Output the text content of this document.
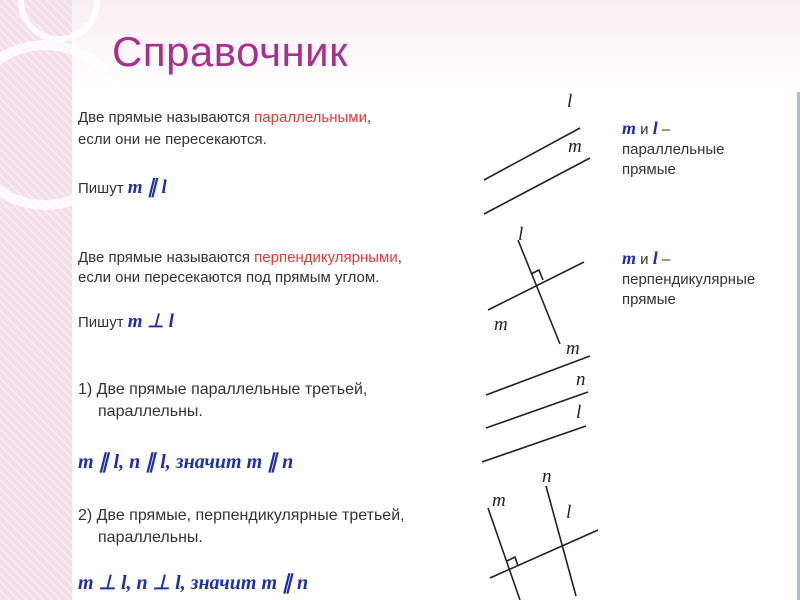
Справочник
Две прямые называются параллельными,
если они не пересекаются.
Пишут m ∥ l
m и l –
параллельные
прямые
Две прямые называются перпендикулярными,
если они пересекаются под прямым углом.
Пишут m ⊥ l
m и l –
перпендикулярные
прямые
1) Две прямые параллельные третьей,
параллельны.
m ∥ l, n ∥ l, значит m ∥ n
2) Две прямые, перпендикулярные третьей,
параллельны.
m ⊥ l, n ⊥ l, значит m ∥ n
l
m
l
m
m
n
l
m
n
l
